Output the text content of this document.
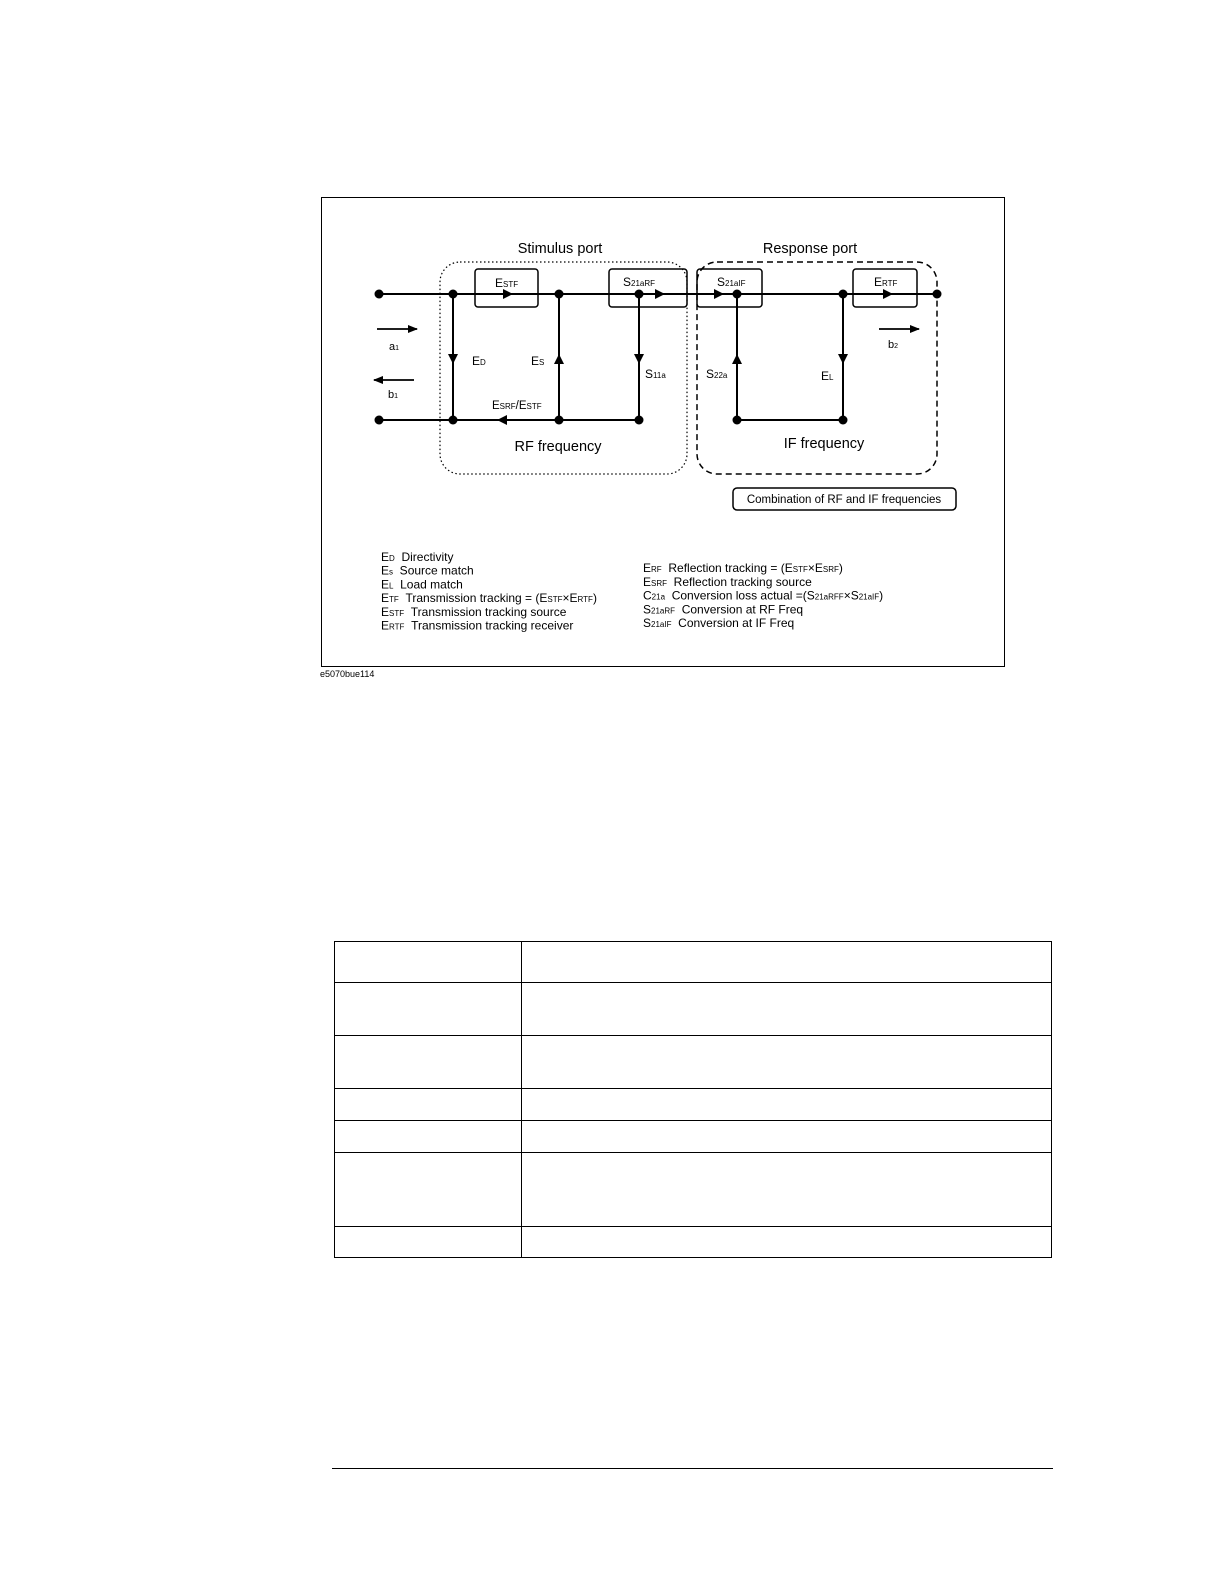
Stimulus port	Response port
ESTF	S21aRF	S21aIF	ERTF
a1
b1
b2
ED	ES
S11a	S22a	EL
ESRF/ESTF
RF frequency	IF frequency
Combination of RF and IF frequencies
ED  Directivity
Es  Source match
EL  Load match
ETF  Transmission tracking = (ESTF×ERTF)
ESTF  Transmission tracking source
ERTF  Transmission tracking receiver
ERF  Reflection tracking = (ESTF×ESRF)
ESRF  Reflection tracking source
C21a  Conversion loss actual =(S21aRFF×S21aIF)
S21aRF  Conversion at RF Freq
S21aIF  Conversion at IF Freq
e5070bue114
